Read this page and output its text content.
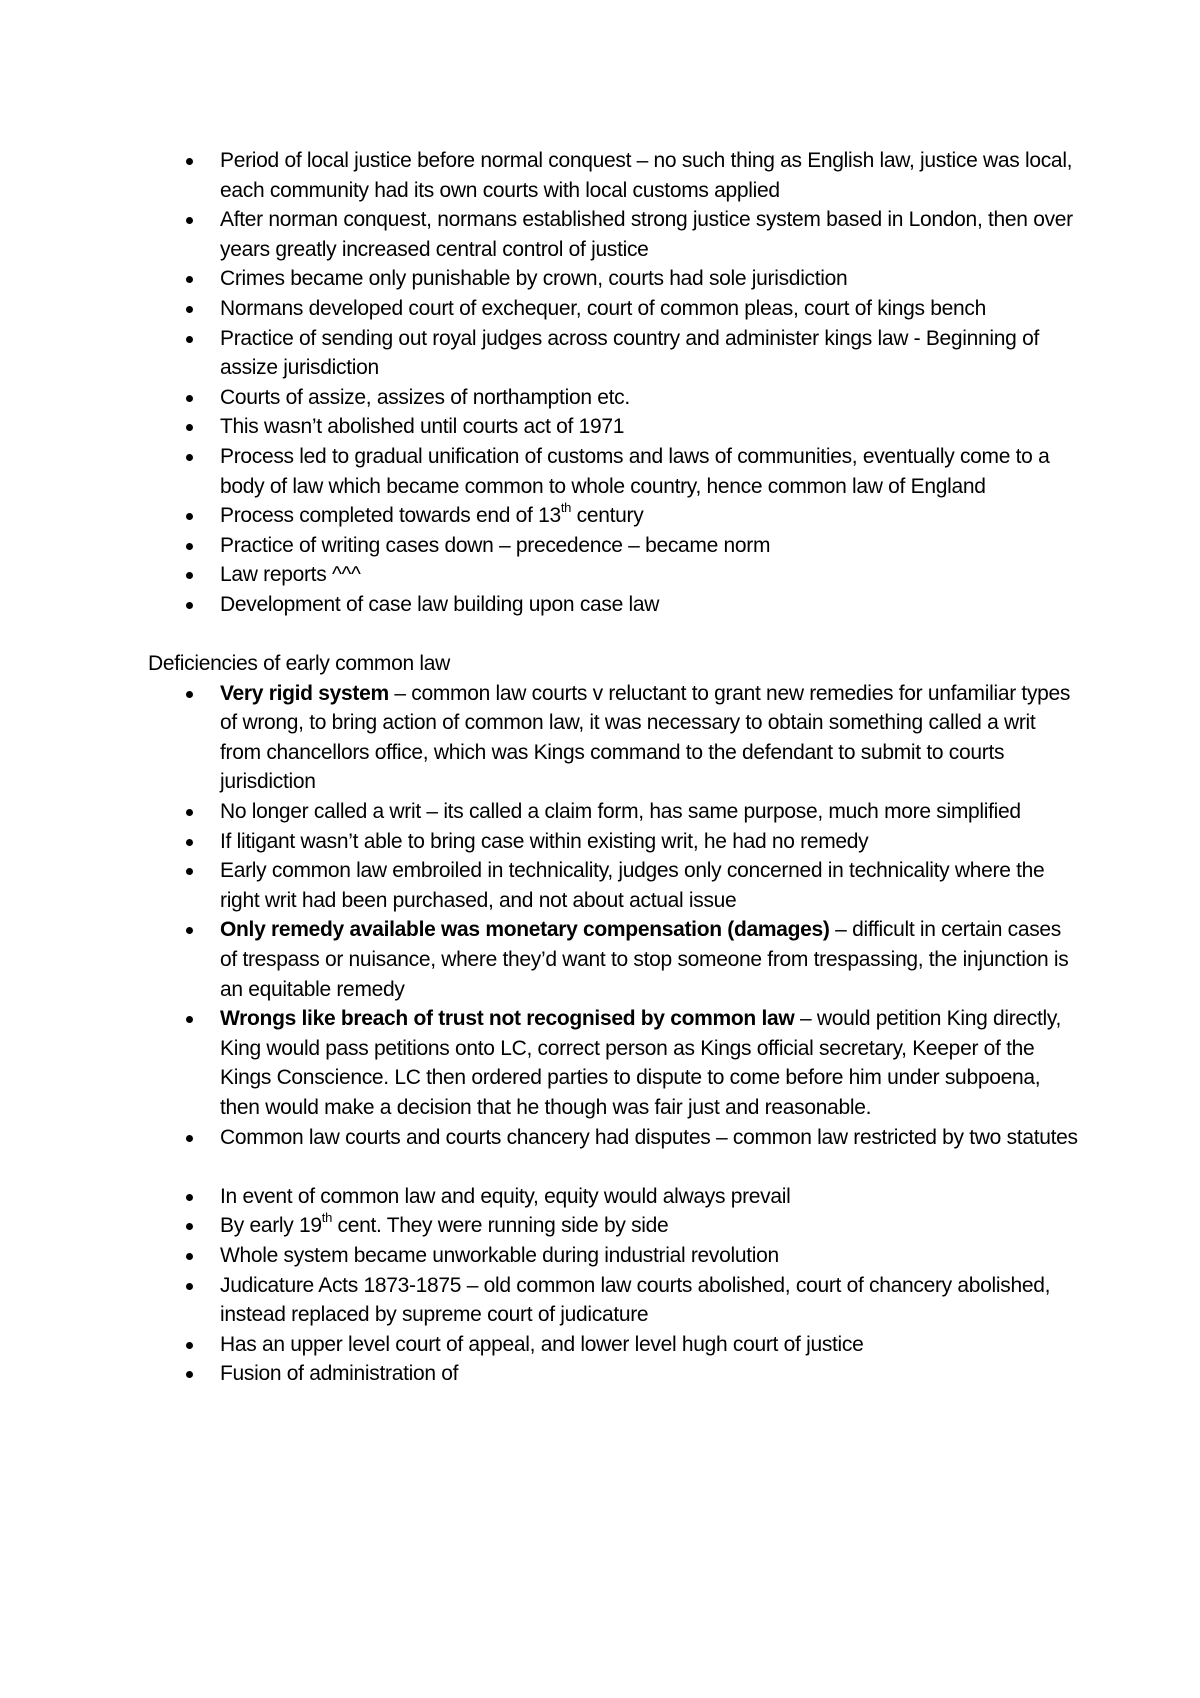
Period of local justice before normal conquest – no such thing as English law, justice was local, each community had its own courts with local customs applied
After norman conquest, normans established strong justice system based in London, then over years greatly increased central control of justice
Crimes became only punishable by crown, courts had sole jurisdiction
Normans developed court of exchequer, court of common pleas, court of kings bench
Practice of sending out royal judges across country and administer kings law - Beginning of assize jurisdiction
Courts of assize, assizes of northamption etc.
This wasn’t abolished until courts act of 1971
Process led to gradual unification of customs and laws of communities, eventually come to a body of law which became common to whole country, hence common law of England
Process completed towards end of 13th century
Practice of writing cases down – precedence – became norm
Law reports ^^^
Development of case law building upon case law
Deficiencies of early common law
Very rigid system – common law courts v reluctant to grant new remedies for unfamiliar types of wrong, to bring action of common law, it was necessary to obtain something called a writ from chancellors office, which was Kings command to the defendant to submit to courts jurisdiction
No longer called a writ – its called a claim form, has same purpose, much more simplified
If litigant wasn’t able to bring case within existing writ, he had no remedy
Early common law embroiled in technicality, judges only concerned in technicality where the right writ had been purchased, and not about actual issue
Only remedy available was monetary compensation (damages) – difficult in certain cases of trespass or nuisance, where they’d want to stop someone from trespassing, the injunction is an equitable remedy
Wrongs like breach of trust not recognised by common law – would petition King directly, King would pass petitions onto LC, correct person as Kings official secretary, Keeper of the Kings Conscience. LC then ordered parties to dispute to come before him under subpoena, then would make a decision that he though was fair just and reasonable.
Common law courts and courts chancery had disputes – common law restricted by two statutes
In event of common law and equity, equity would always prevail
By early 19th cent. They were running side by side
Whole system became unworkable during industrial revolution
Judicature Acts 1873-1875 – old common law courts abolished, court of chancery abolished, instead replaced by supreme court of judicature
Has an upper level court of appeal, and lower level hugh court of justice
Fusion of administration of
